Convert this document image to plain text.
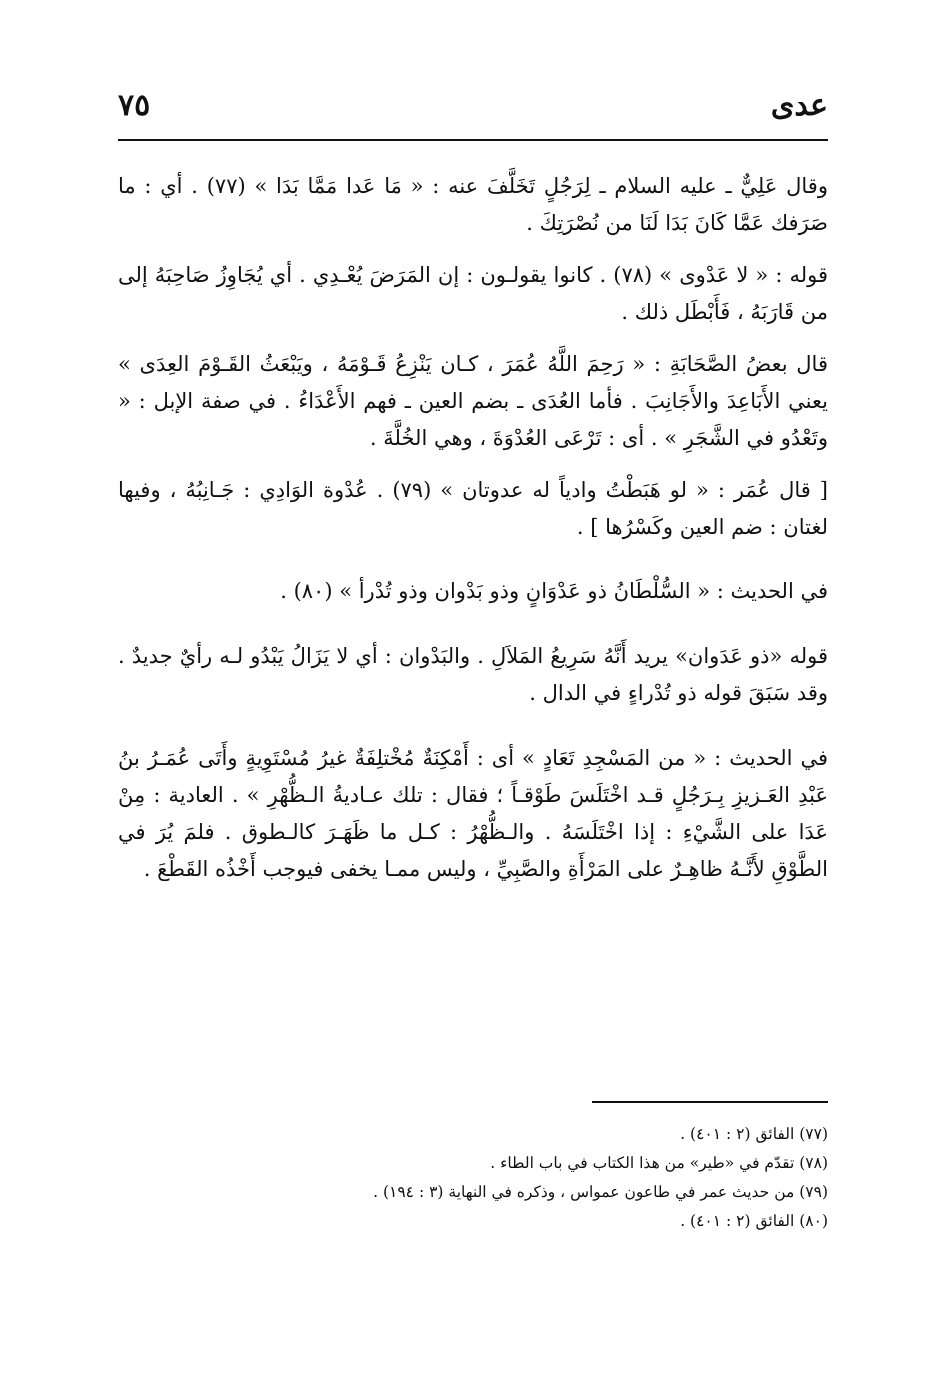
عدى
٧٥

وقال عَلِيٌّ ـ عليه السلام ـ لِرَجُلٍ تَخَلَّفَ عنه : « مَا عَدا مَمَّا بَدَا » (٧٧) . أي : ما صَرَفك عَمَّا كَانَ بَدَا لَنَا من نُصْرَتِكَ .

قوله : « لا عَدْوى » (٧٨) . كانوا يقولـون : إن المَرَضَ يُعْـدِي . أي يُجَاوِزُ صَاحِبَهُ إلى من قَارَبَهُ ، فَأَبْطَل ذلك .

قال بعضُ الصَّحَابَةِ : « رَحِمَ اللَّهُ عُمَرَ ، كـان يَنْزِعُ قَـوْمَهُ ، ويَبْعَثُ القَـوْمَ العِدَى » يعني الأَبَاعِدَ والأَجَانِبَ . فأما العُدَى ـ بضم العين ـ فهم الأَعْدَاءُ . في صفة الإبل : « وتَعْدُو في الشَّجَرِ » . أى : تَرْعَى العُدْوَةَ ، وهي الخُلَّةَ .

[ قال عُمَر : « لو هَبَطْتُ وادياً له عدوتان » (٧٩) . عُدْوة الوَادِي : جَـانِبُهُ ، وفيها لغتان : ضم العين وكَسْرُها ] .

في الحديث : « السُّلْطَانُ ذو عَدْوَانٍ وذو بَدْوان وذو تُدْرأ » (٨٠) .

قوله «ذو عَدَوان» يريد أَنَّهُ سَرِيعُ المَلاَلِ . والبَدْوان : أي لا يَزَالُ يَبْدُو لـه رأيٌ جديدٌ . وقد سَبَقَ قوله ذو تُدْراءٍ في الدال .

في الحديث : « من المَسْجِدِ تَعَادٍ » أى : أَمْكِنَةٌ مُخْتلِفَةٌ غيرُ مُسْتَوِيةٍ وأَتَى عُمَـرُ بنُ عَبْدِ العَـزيزِ بِـرَجُلٍ قـد اخْتَلَسَ طَوْقـاً ؛ فقال : تلك عـاديةُ الـظُّهْرِ » . العادية : مِنْ عَدَا على الشَّيْءِ : إذا اخْتَلَسَهُ . والـظُّهْرُ : كـل ما ظَهَـرَ كالـطوق . فلمَ يُرَ في الطَّوْقِ لأَنَّـهُ ظاهِـرٌ على المَرْأَةِ والصَّبِيِّ ، وليس ممـا يخفى فيوجب أَخْذُه القَطْعَ .

(٧٧) الفائق (٢ : ٤٠١) .

(٧٨) تقدّم في «طير» من هذا الكتاب في باب الطاء .

(٧٩) من حديث عمر في طاعون عمواس ، وذكره في النهاية (٣ : ١٩٤) .

(٨٠) الفائق (٢ : ٤٠١) .
